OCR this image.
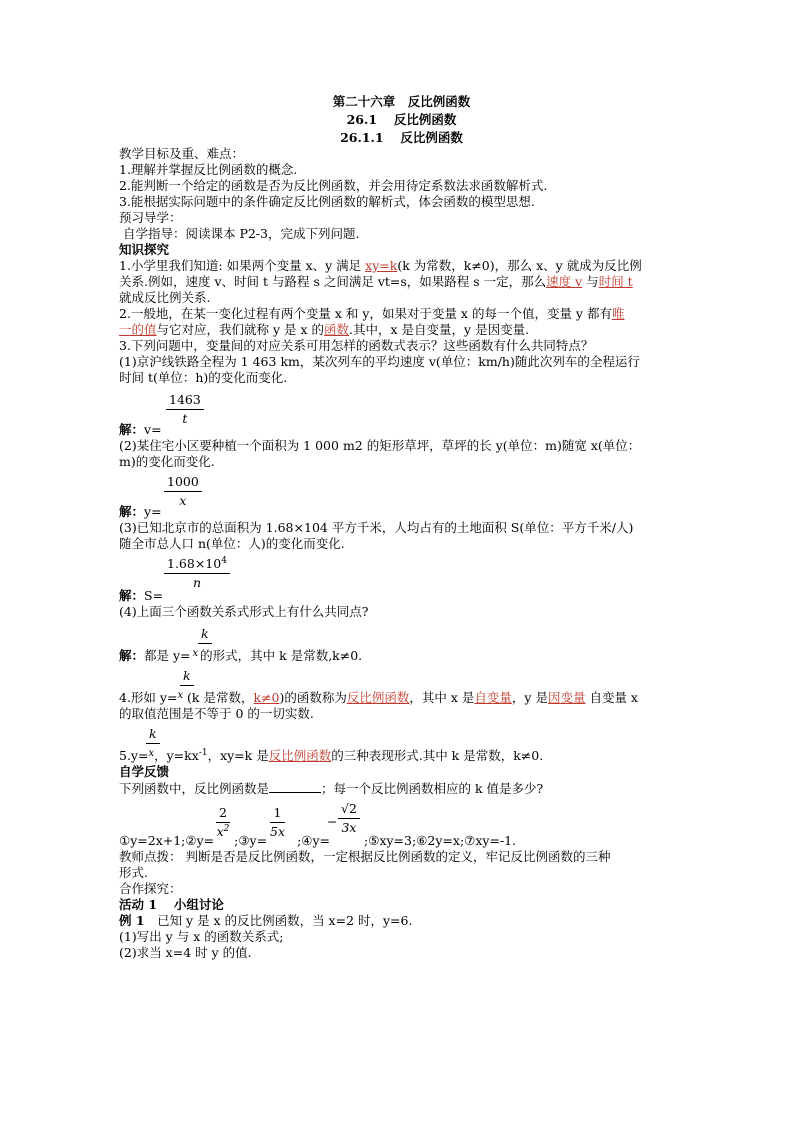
第二十六章　反比例函数
26.1　 反比例函数
26.1.1　 反比例函数
教学目标及重、难点：
1.理解并掌握反比例函数的概念.
2.能判断一个给定的函数是否为反比例函数，并会用待定系数法求函数解析式.
3.能根据实际问题中的条件确定反比例函数的解析式，体会函数的模型思想.
预习导学：
自学指导：阅读课本 P2-3，完成下列问题.
知识探究
1.小学里我们知道: 如果两个变量 x、y 满足 xy=k(k 为常数，k≠0)，那么 x、y 就成为反比例
关系.例如，速度 v、时间 t 与路程 s 之间满足 vt=s，如果路程 s 一定，那么速度 v 与时间 t
就成反比例关系.
2.一般地，在某一变化过程有两个变量 x 和 y，如果对于变量 x 的每一个值，变量 y 都有唯
一的值与它对应，我们就称 y 是 x 的函数.其中，x 是自变量，y 是因变量.
3.下列问题中，变量间的对应关系可用怎样的函数式表示？这些函数有什么共同特点？
(1)京沪线铁路全程为 1 463 km，某次列车的平均速度 v(单位：km/h)随此次列车的全程运行
时间 t(单位：h)的变化而变化.
$\frac{1463}{t}$
解：v=
(2)某住宅小区要种植一个面积为 1 000 m2 的矩形草坪，草坪的长 y(单位：m)随宽 x(单位：
m)的变化而变化.
$\frac{1000}{x}$
解：y=
(3)已知北京市的总面积为 1.68×104 平方千米，人均占有的土地面积 S(单位：平方千米/人)
随全市总人口 n(单位：人)的变化而变化.
$\frac{1.68\times 10^4}{n}$
解：S=
(4)上面三个函数关系式形式上有什么共同点?
k
解：都是 y= $^x$ 的形式，其中 k 是常数,k≠0.
k
4.形如 y=$^x$ (k 是常数，k≠0)的函数称为反比例函数，其中 x 是自变量，y 是因变量 自变量 x
的取值范围是不等于 0 的一切实数.
k
5.y=$^x$，$y=kx^{-1}$，xy=k 是反比例函数的三种表现形式.其中 k 是常数，k≠0.
自学反馈
下列函数中，反比例函数是	；每一个反比例函数相应的 k 值是多少?
$\frac{2}{x^2}$	$\frac{1}{5x}$	− $\frac{√2}{3x}$
①y=2x+1;②y= ;③y= ;④y=	;⑤xy=3;⑥2y=x;⑦xy=-1.
教师点拨： 判断是否是反比例函数，一定根据反比例函数的定义，牢记反比例函数的三种
形式.
合作探究：
活动 1　 小组讨论
例 1　已知 y 是 x 的反比例函数，当 x=2 时，y=6.
(1)写出 y 与 x 的函数关系式;
(2)求当 x=4 时 y 的值.
